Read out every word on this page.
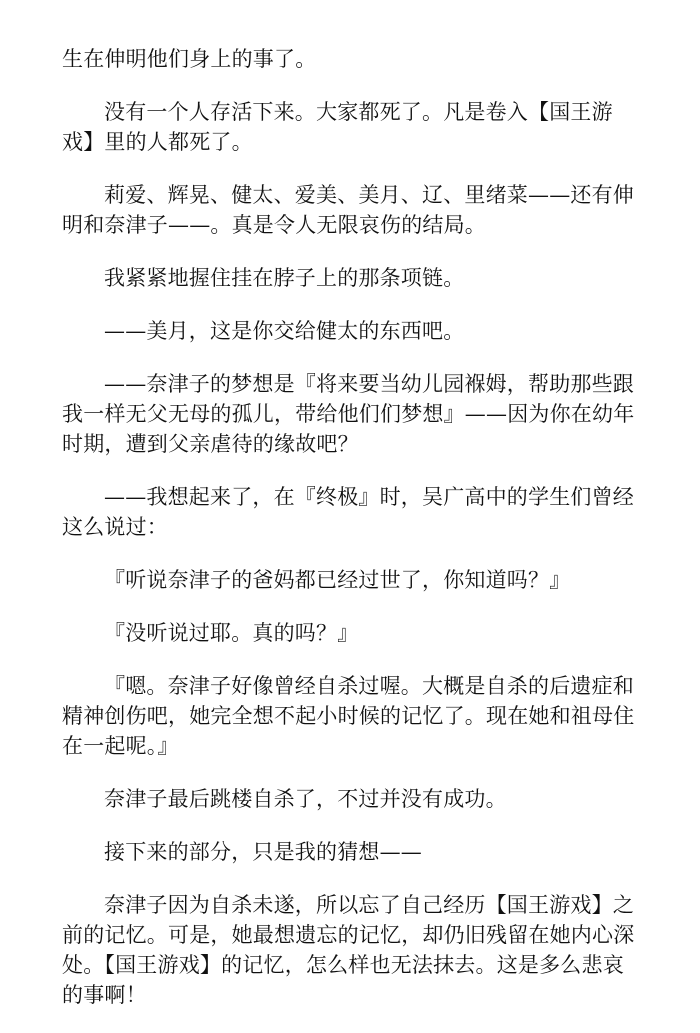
生在伸明他们身上的事了。

没有一个人存活下来。大家都死了。凡是卷入【国王游戏】里的人都死了。

莉爱、辉晃、健太、爱美、美月、辽、里绪菜——还有伸明和奈津子——。真是令人无限哀伤的结局。

我紧紧地握住挂在脖子上的那条项链。

——美月，这是你交给健太的东西吧。

——奈津子的梦想是『将来要当幼儿园褓姆，帮助那些跟我一样无父无母的孤儿，带给他们们梦想』——因为你在幼年时期，遭到父亲虐待的缘故吧？

——我想起来了，在『终极』时，吴广高中的学生们曾经这么说过：

『听说奈津子的爸妈都已经过世了，你知道吗？』

『没听说过耶。真的吗？』

『嗯。奈津子好像曾经自杀过喔。大概是自杀的后遗症和精神创伤吧，她完全想不起小时候的记忆了。现在她和祖母住在一起呢。』

奈津子最后跳楼自杀了，不过并没有成功。

接下来的部分，只是我的猜想——

奈津子因为自杀未遂，所以忘了自己经历【国王游戏】之前的记忆。可是，她最想遗忘的记忆，却仍旧残留在她内心深处。【国王游戏】的记忆，怎么样也无法抹去。这是多么悲哀的事啊！
